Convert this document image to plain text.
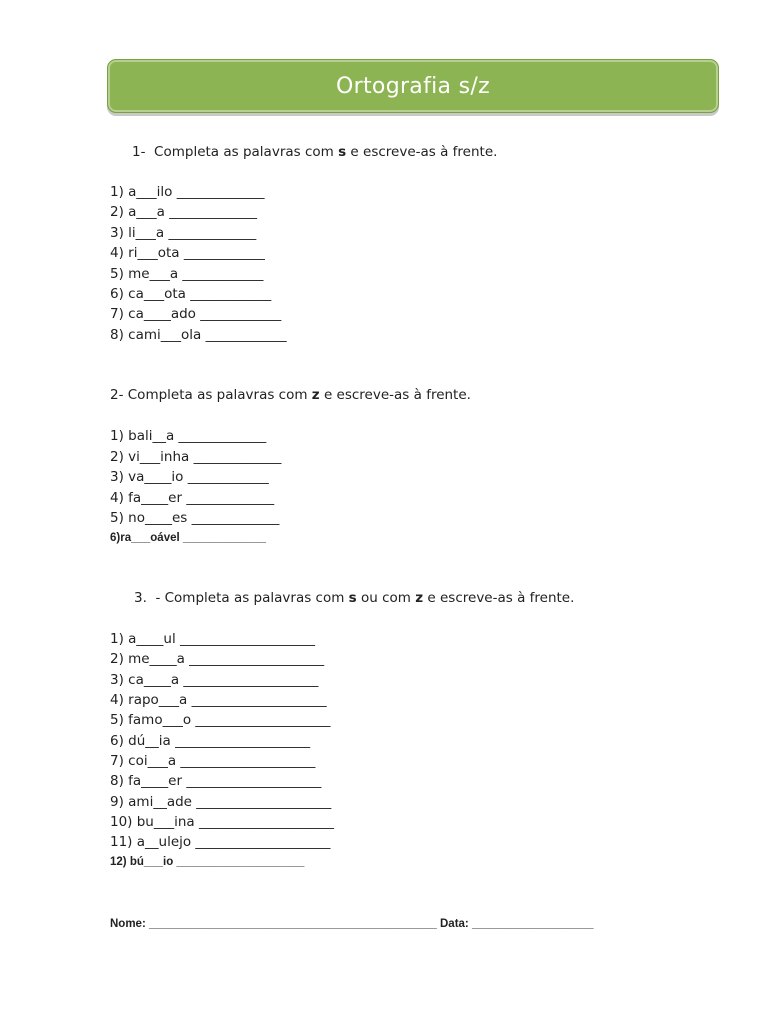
Ortografia s/z
1-  Completa as palavras com s e escreve-as à frente.
1) a___ilo _____________
2) a___a _____________
3) li___a _____________
4) ri___ota ____________
5) me___a ____________
6) ca___ota ____________
7) ca____ado ____________
8) cami___ola ____________
2- Completa as palavras com z e escreve-as à frente.
1) bali__a _____________
2) vi___inha _____________
3) va____io ____________
4) fa____er _____________
5) no____es _____________
6)ra___oável _____________
3.  - Completa as palavras com s ou com z e escreve-as à frente.
1) a____ul ____________________
2) me____a ____________________
3) ca____a ____________________
4) rapo___a ____________________
5) famo___o ____________________
6) dú__ia ____________________
7) coi___a ____________________
8) fa____er ____________________
9) ami__ade ____________________
10) bu___ina ____________________
11) a__ulejo ____________________
12) bú___io ____________________
Nome: _____________________________________________ Data: ___________________
